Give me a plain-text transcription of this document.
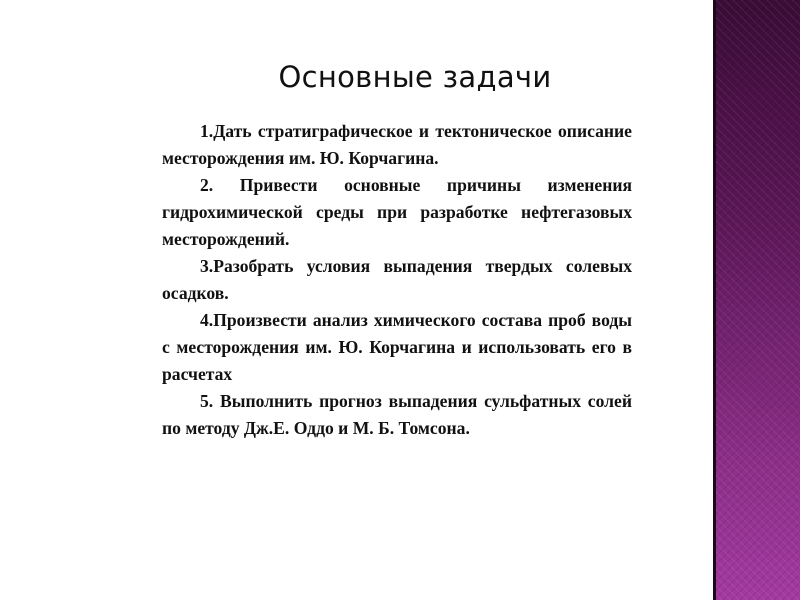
Основные задачи

1.Дать стратиграфическое и тектоническое описание месторождения им. Ю. Корчагина.

2. Привести основные причины изменения гидрохимической среды при разработке нефтегазовых месторождений.

3.Разобрать условия выпадения твердых солевых осадков.

4.Произвести анализ химического состава проб воды с месторождения им. Ю. Корчагина и использовать его в расчетах

5. Выполнить прогноз выпадения сульфатных солей по методу Дж.Е. Оддо и М. Б. Томсона.
